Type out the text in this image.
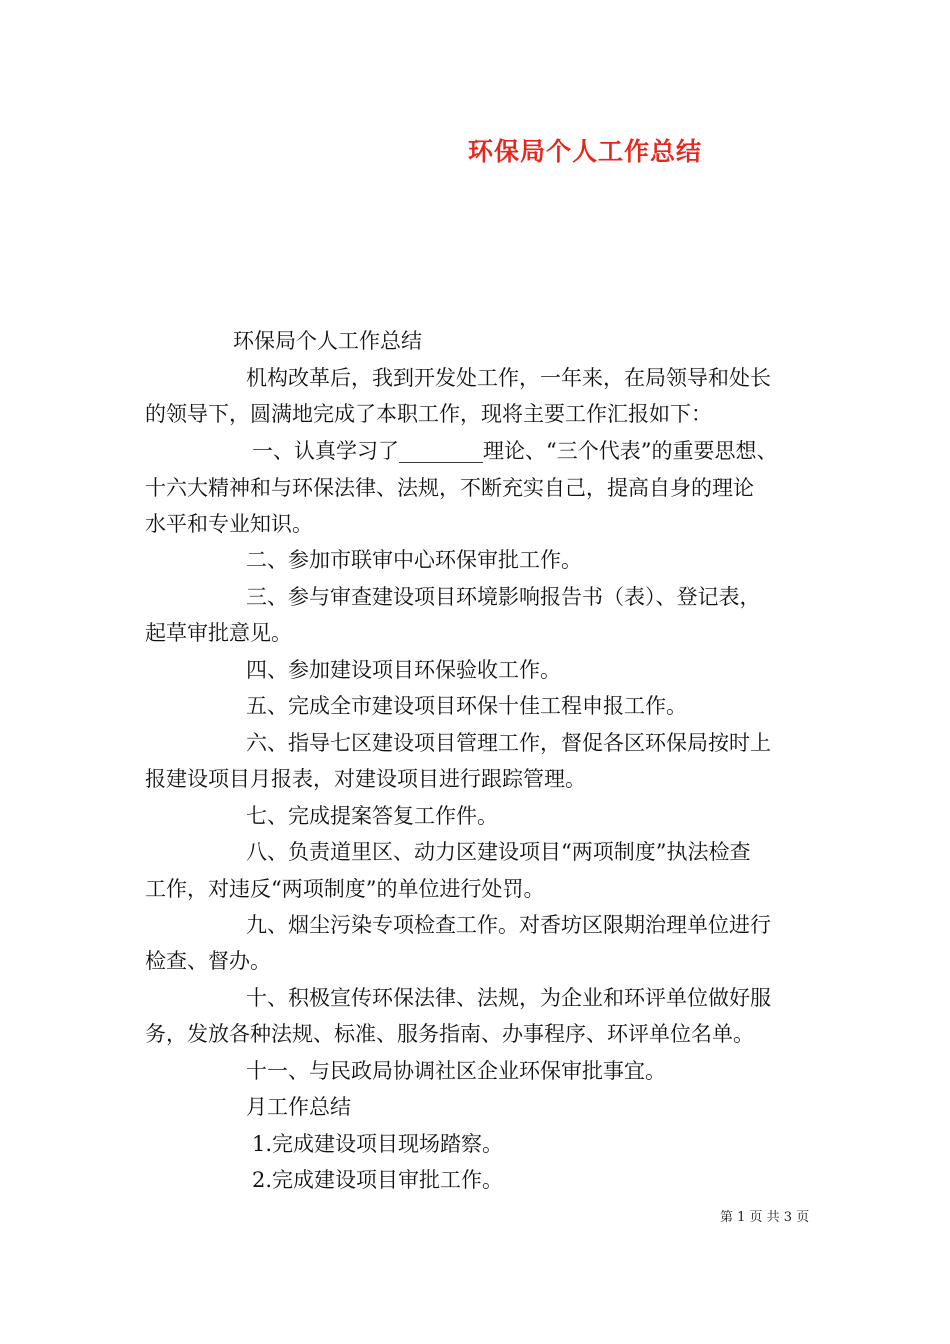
环保局个人工作总结
环保局个人工作总结
机构改革后，我到开发处工作，一年来，在局领导和处长
的领导下，圆满地完成了本职工作，现将主要工作汇报如下：
一、认真学习了________理论、“三个代表”的重要思想、
十六大精神和与环保法律、法规，不断充实自己，提高自身的理论
水平和专业知识。
二、参加市联审中心环保审批工作。
三、参与审查建设项目环境影响报告书（表）、登记表，
起草审批意见。
四、参加建设项目环保验收工作。
五、完成全市建设项目环保十佳工程申报工作。
六、指导七区建设项目管理工作，督促各区环保局按时上
报建设项目月报表，对建设项目进行跟踪管理。
七、完成提案答复工作件。
八、负责道里区、动力区建设项目“两项制度”执法检查
工作，对违反“两项制度”的单位进行处罚。
九、烟尘污染专项检查工作。对香坊区限期治理单位进行
检查、督办。
十、积极宣传环保法律、法规，为企业和环评单位做好服
务，发放各种法规、标准、服务指南、办事程序、环评单位名单。
十一、与民政局协调社区企业环保审批事宜。
月工作总结
1.完成建设项目现场踏察。
2.完成建设项目审批工作。
第 1 页 共 3 页
